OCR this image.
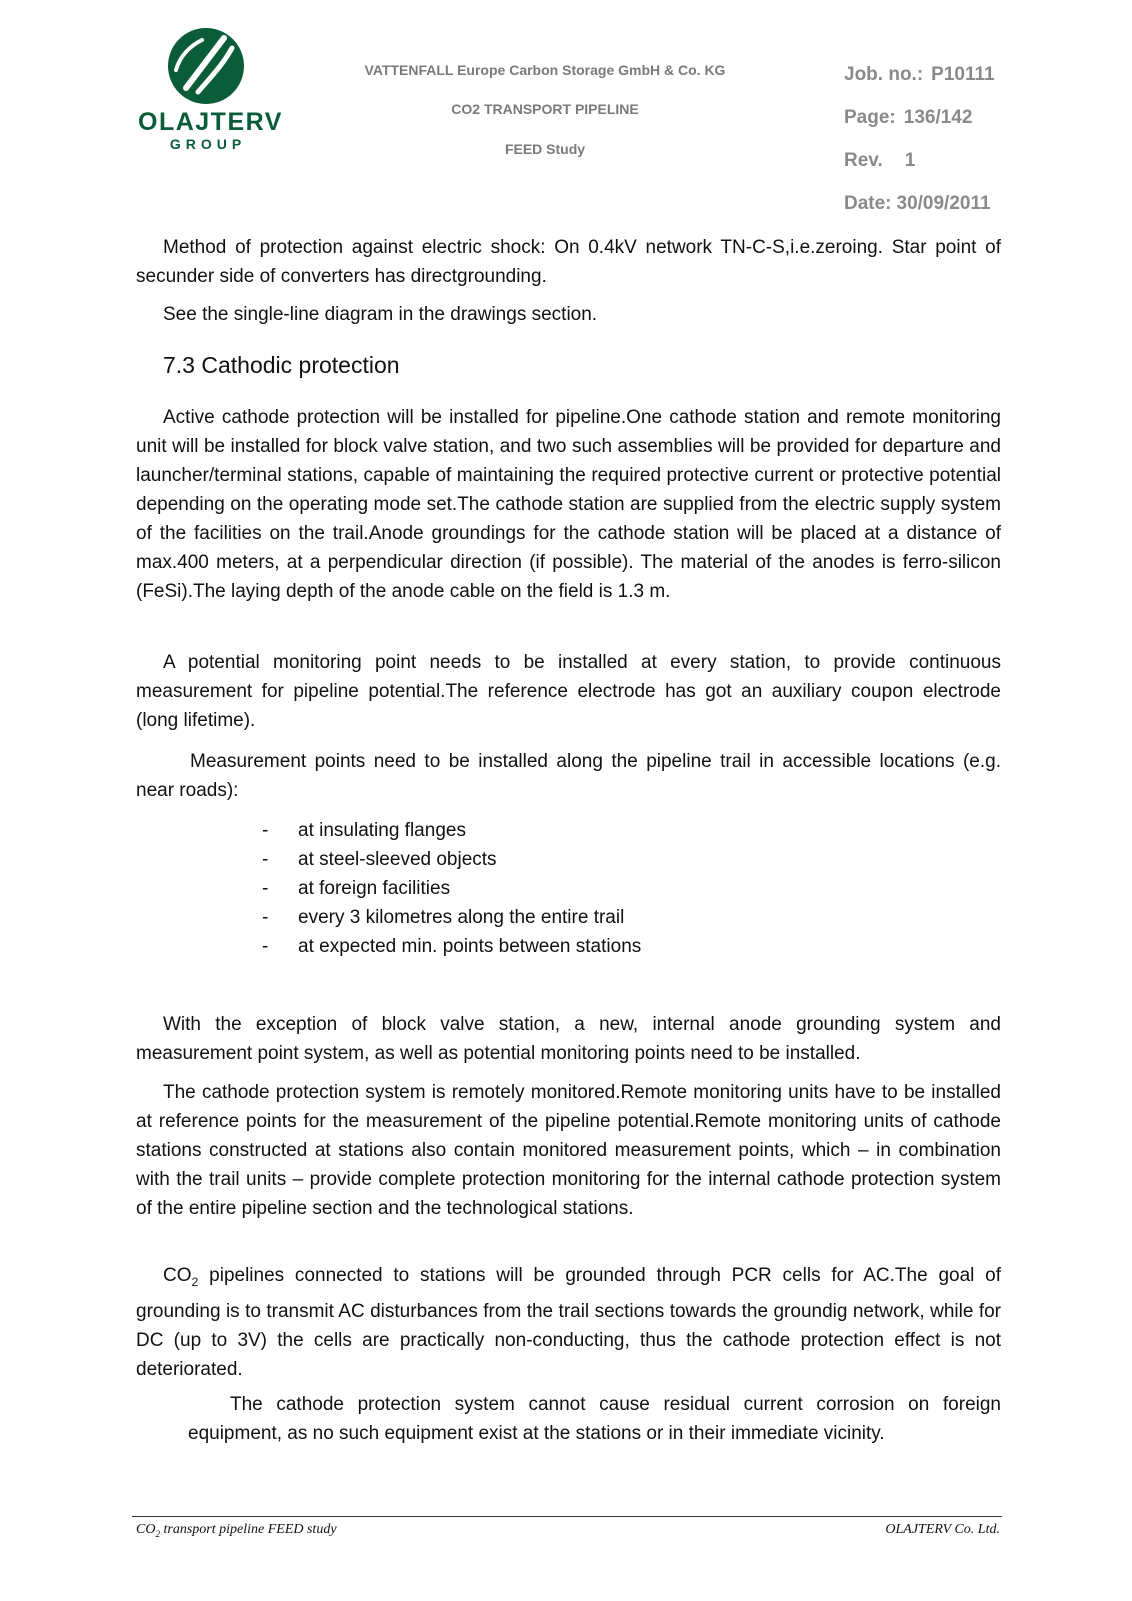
OLAJTERV
GROUP
VATTENFALL Europe Carbon Storage GmbH & Co. KG
CO2 TRANSPORT PIPELINE
FEED Study
Job. no.: P10111
Page: 136/142
Rev. 1
Date: 30/09/2011

Method of protection against electric shock: On 0.4kV network TN-C-S,i.e.zeroing. Star point of secunder side of converters has directgrounding.

See the single-line diagram in the drawings section.

7.3 Cathodic protection

Active cathode protection will be installed for pipeline.One cathode station and remote monitoring unit will be installed for block valve station, and two such assemblies will be provided for departure and launcher/terminal stations, capable of maintaining the required protective current or protective potential depending on the operating mode set.The cathode station are supplied from the electric supply system of the facilities on the trail.Anode groundings for the cathode station will be placed at a distance of max.400 meters, at a perpendicular direction (if possible). The material of the anodes is ferro-silicon (FeSi).The laying depth of the anode cable on the field is 1.3 m.

A potential monitoring point needs to be installed at every station, to provide continuous measurement for pipeline potential.The reference electrode has got an auxiliary coupon electrode (long lifetime).

Measurement points need to be installed along the pipeline trail in accessible locations (e.g. near roads):

- at insulating flanges
- at steel-sleeved objects
- at foreign facilities
- every 3 kilometres along the entire trail
- at expected min. points between stations

With the exception of block valve station, a new, internal anode grounding system and measurement point system, as well as potential monitoring points need to be installed.

The cathode protection system is remotely monitored.Remote monitoring units have to be installed at reference points for the measurement of the pipeline potential.Remote monitoring units of cathode stations constructed at stations also contain monitored measurement points, which – in combination with the trail units – provide complete protection monitoring for the internal cathode protection system of the entire pipeline section and the technological stations.

$CO_2$ pipelines connected to stations will be grounded through PCR cells for AC.The goal of grounding is to transmit AC disturbances from the trail sections towards the groundig network, while for DC (up to 3V) the cells are practically non-conducting, thus the cathode protection effect is not deteriorated.

The cathode protection system cannot cause residual current corrosion on foreign equipment, as no such equipment exist at the stations or in their immediate vicinity.

$CO_2$ transport pipeline FEED study	OLAJTERV Co. Ltd.
